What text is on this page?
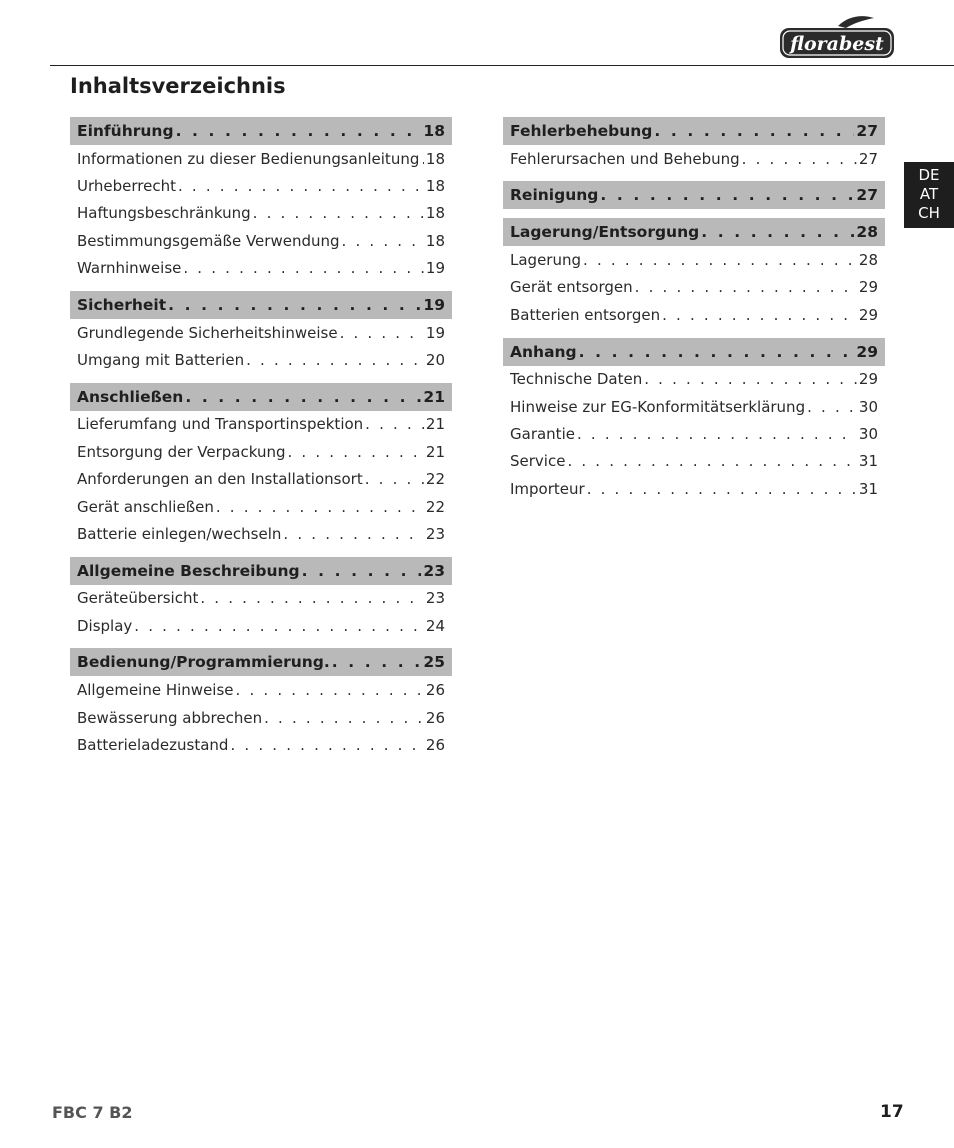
florabest
Inhaltsverzeichnis
Einführung . . .	18
Informationen zu dieser Bedienungsanleitung . . . 18
Urheberrecht . . .	18
Haftungsbeschränkung . . .	18
Bestimmungsgemäße Verwendung . . .	18
Warnhinweise . . .	19
Sicherheit . . .	19
Grundlegende Sicherheitshinweise . . .	19
Umgang mit Batterien . . .	20
Anschließen . . .	21
Lieferumfang und Transportinspektion . . .	21
Entsorgung der Verpackung . . .	21
Anforderungen an den Installationsort . . .	22
Gerät anschließen . . .	22
Batterie einlegen/wechseln . . .	23
Allgemeine Beschreibung . . .	23
Geräteübersicht . . .	23
Display . . .	24
Bedienung/Programmierung. . . .	25
Allgemeine Hinweise . . .	26
Bewässerung abbrechen . . .	26
Batterieladezustand . . .	26
Fehlerbehebung . . .	27
Fehlerursachen und Behebung . . .	27
Reinigung . . .	27
Lagerung/Entsorgung . . .	28
Lagerung . . .	28
Gerät entsorgen . . .	29
Batterien entsorgen . . .	29
Anhang . . .	29
Technische Daten . . .	29
Hinweise zur EG-Konformitätserklärung . . .	30
Garantie . . .	30
Service . . .	31
Importeur . . .	31
DE
AT
CH
FBC 7 B2	17
